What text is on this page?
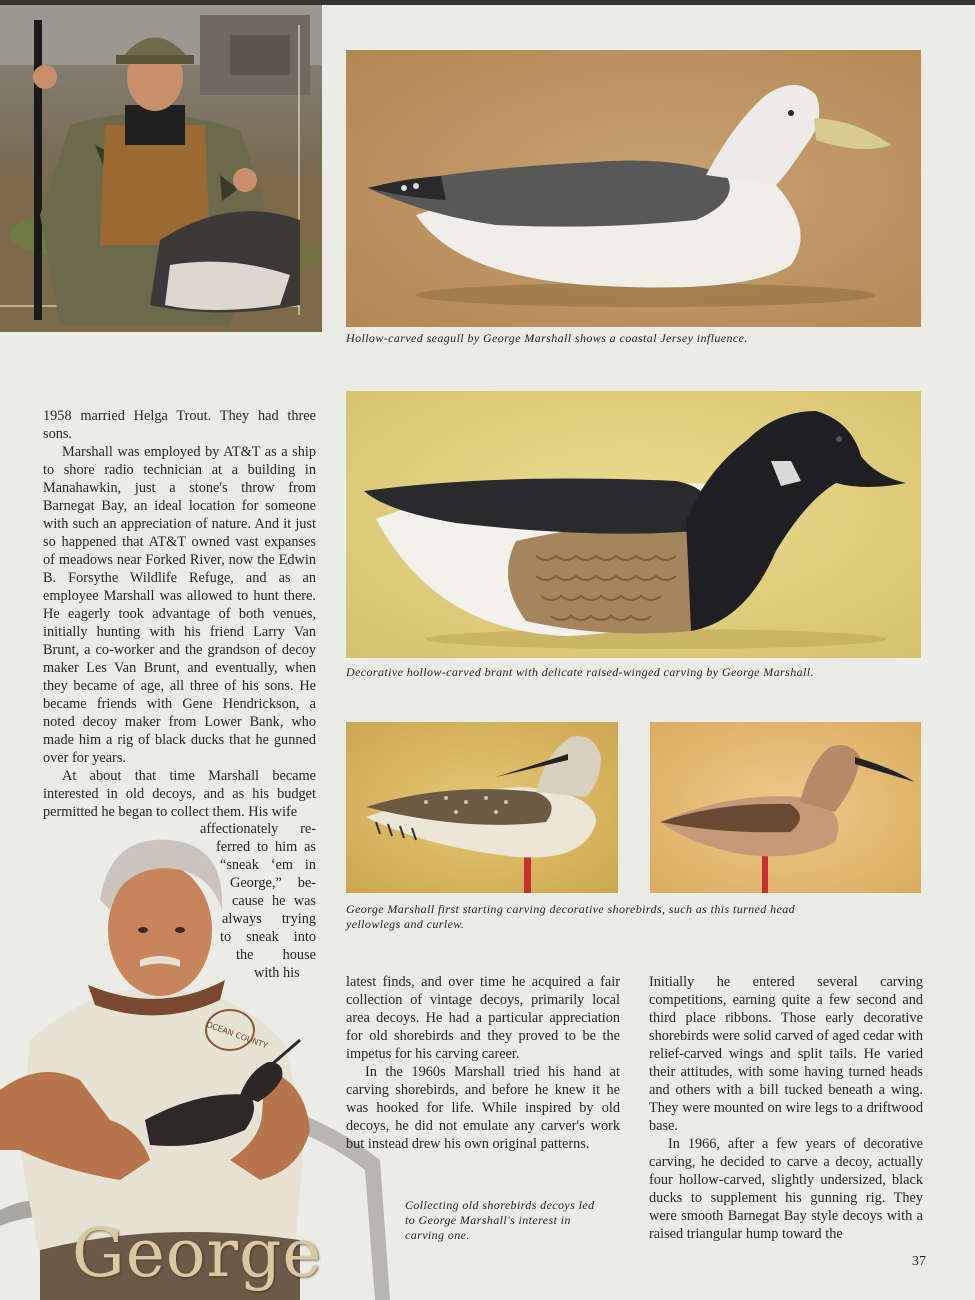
Hollow-carved seagull by George Marshall shows a coastal Jersey influence.

Decorative hollow-carved brant with delicate raised-winged carving by George Marshall.

George Marshall first starting carving decorative shorebirds, such as this turned head

yellowlegs and curlew.

1958 married Helga Trout. They had three sons.

Marshall was employed by AT&T as a ship to shore radio technician at a building in Manahawkin, just a stone's throw from Barnegat Bay, an ideal location for someone with such an appreciation of nature. And it just so happened that AT&T owned vast expanses of meadows near Forked River, now the Edwin B. Forsythe Wildlife Refuge, and as an employee Marshall was allowed to hunt there. He eagerly took advantage of both venues, initially hunting with his friend Larry Van Brunt, a co-worker and the grandson of decoy maker Les Van Brunt, and eventually, when they became of age, all three of his sons. He became friends with Gene Hendrickson, a noted decoy maker from Lower Bank, who made him a rig of black ducks that he gunned over for years.

At about that time Marshall became interested in old decoys, and as his budget permitted he began to collect them. His wife

affectionately re-
ferred to him as
“sneak ‘em in
George,” be-
cause he was
always trying
to sneak into
the house
with his
OCEAN COUNTY

latest finds, and over time he acquired a fair collection of vintage decoys, primarily local area decoys. He had a particular appreciation for old shorebirds and they proved to be the impetus for his carving career.

In the 1960s Marshall tried his hand at carving shorebirds, and before he knew it he was hooked for life. While inspired by old decoys, he did not emulate any carver's work but instead drew his own original patterns.

Collecting old shorebirds decoys led

to George Marshall's interest in

carving one.

Initially he entered several carving competitions, earning quite a few second and third place ribbons. Those early decorative shorebirds were solid carved of aged cedar with relief-carved wings and split tails. He varied their attitudes, with some having turned heads and others with a bill tucked beneath a wing. They were mounted on wire legs to a driftwood base.

In 1966, after a few years of decorative carving, he decided to carve a decoy, actually four hollow-carved, slightly undersized, black ducks to supplement his gunning rig. They were smooth Barnegat Bay style decoys with a raised triangular hump toward the

George	37
